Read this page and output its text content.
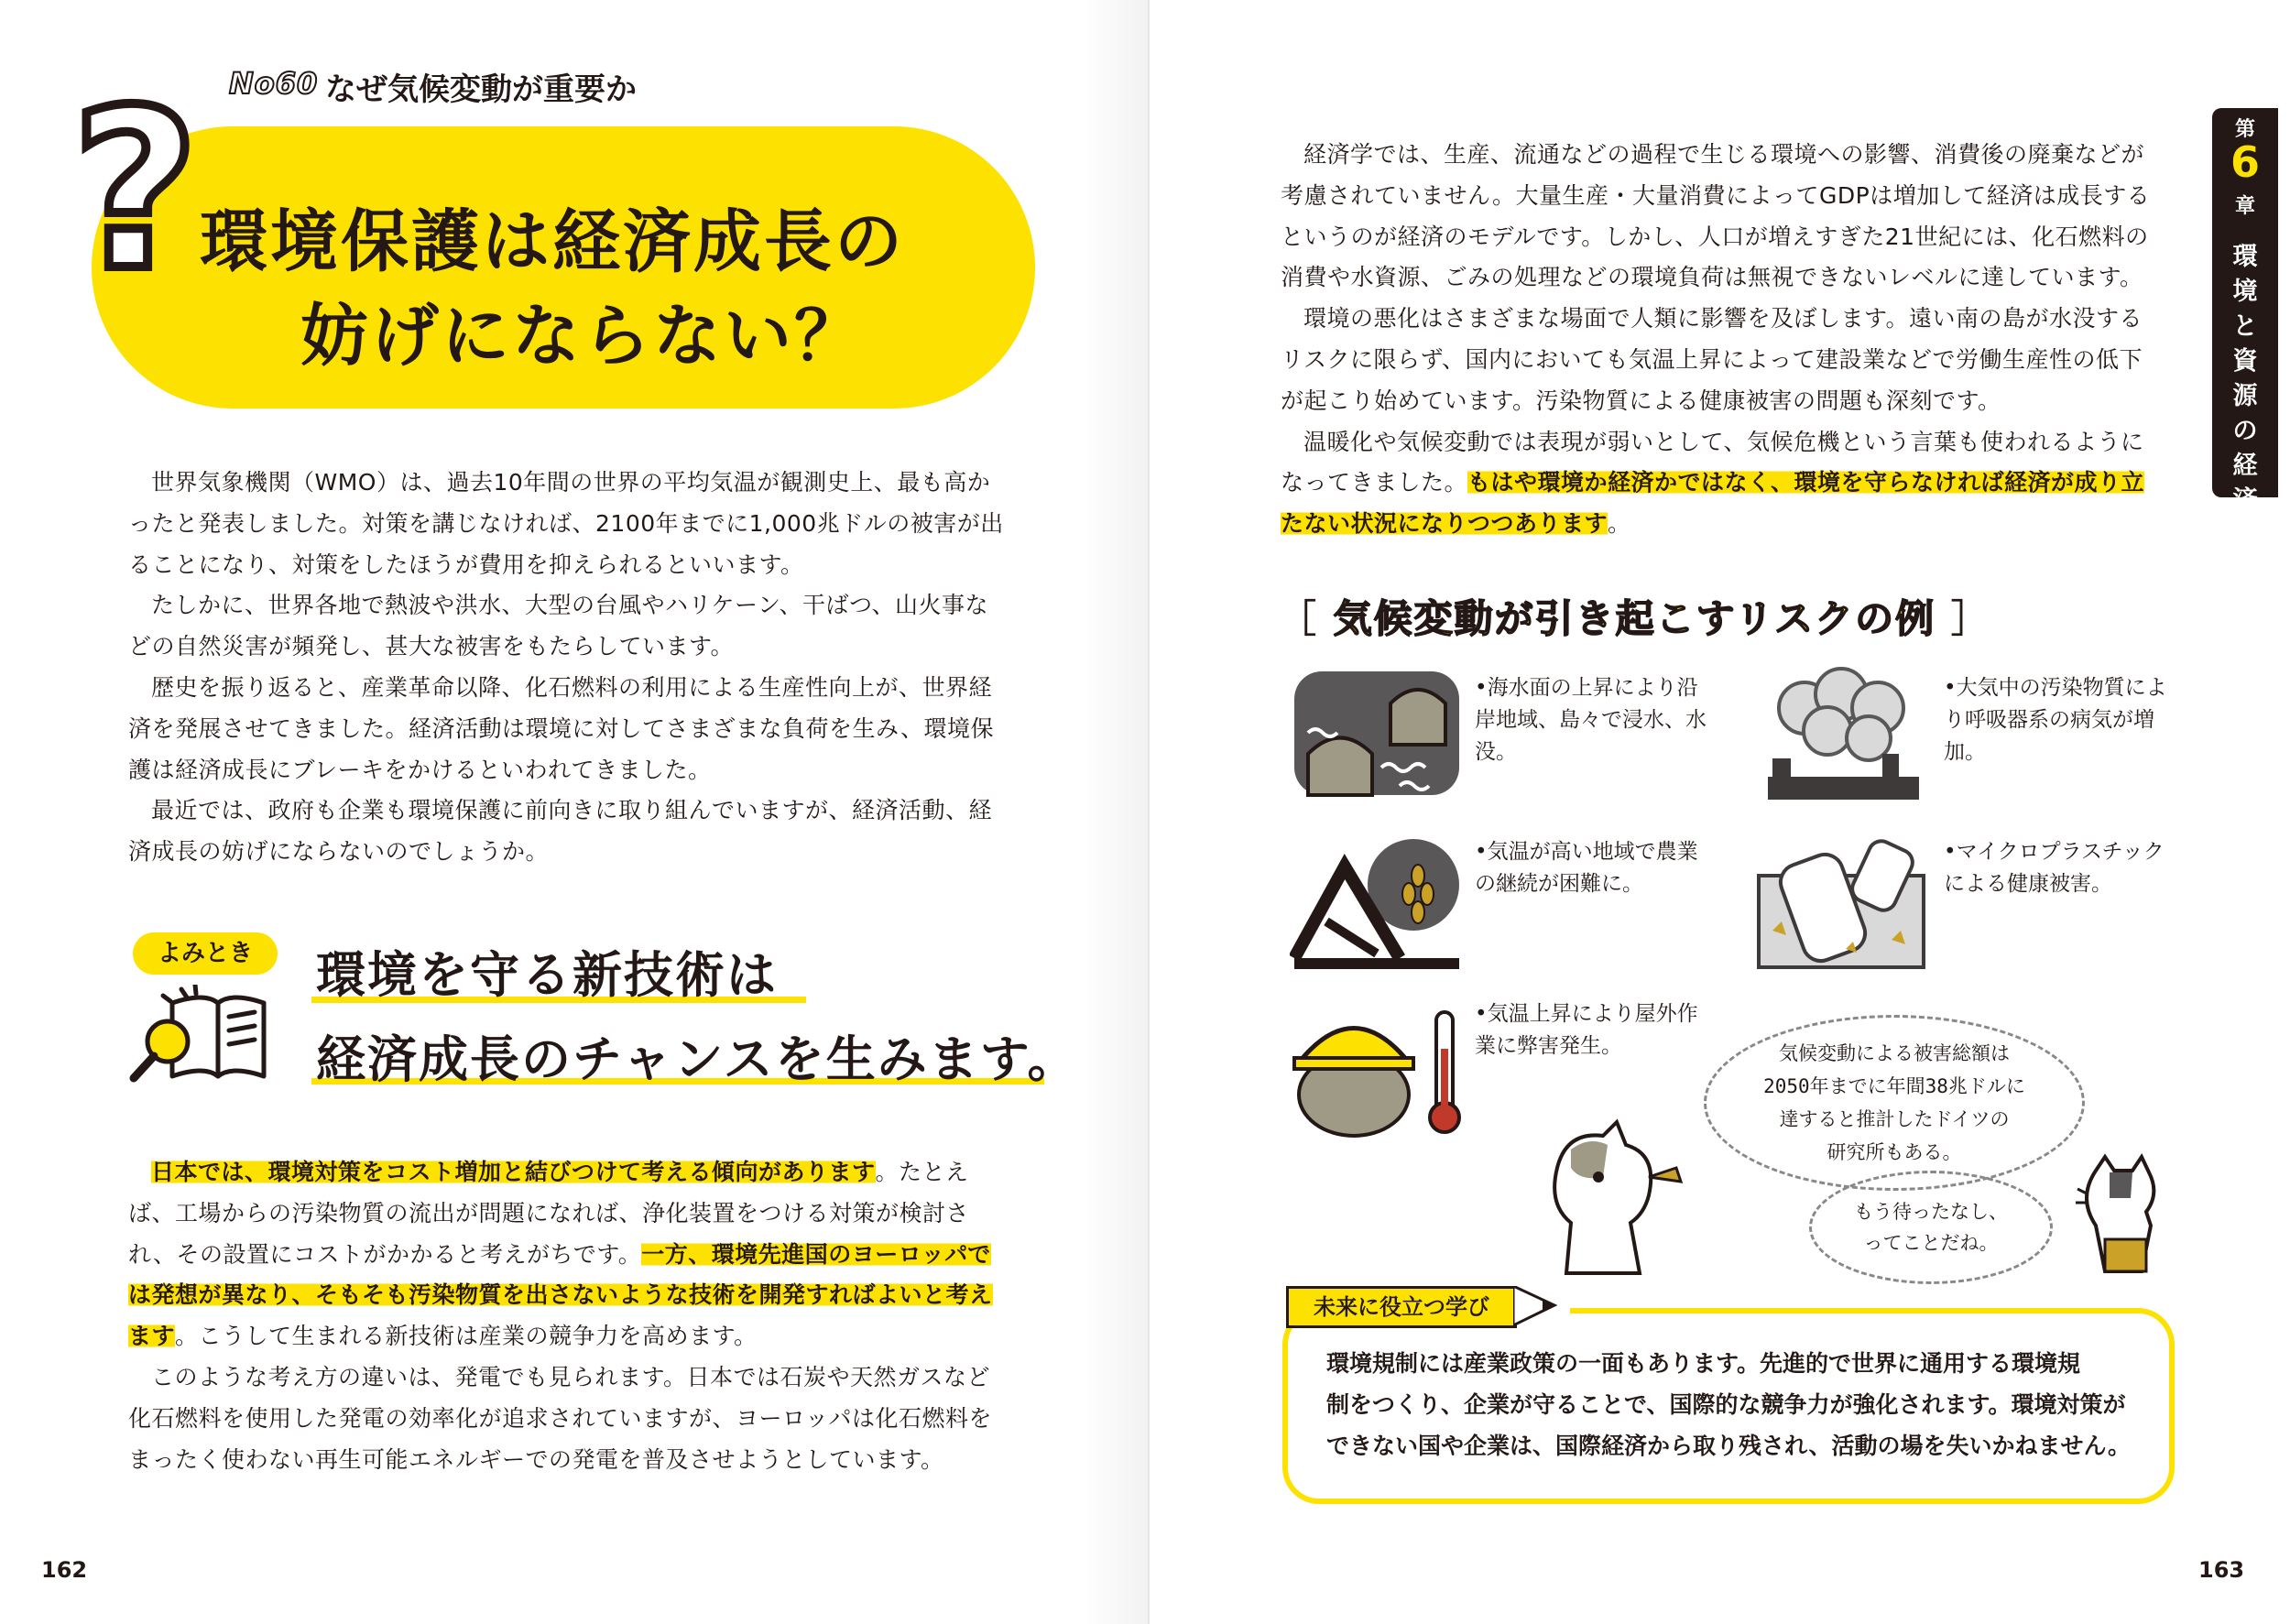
? No60 なぜ気候変動が重要か
環境保護は経済成長の
妨げにならない？

世界気象機関（WMO）は、過去10年間の世界の平均気温が観測史上、最も高かったと発表しました。対策を講じなければ、2100年までに1,000兆ドルの被害が出ることになり、対策をしたほうが費用を抑えられるといいます。

たしかに、世界各地で熱波や洪水、大型の台風やハリケーン、干ばつ、山火事などの自然災害が頻発し、甚大な被害をもたらしています。

歴史を振り返ると、産業革命以降、化石燃料の利用による生産性向上が、世界経済を発展させてきました。経済活動は環境に対してさまざまな負荷を生み、環境保護は経済成長にブレーキをかけるといわれてきました。

最近では、政府も企業も環境保護に前向きに取り組んでいますが、経済活動、経済成長の妨げにならないのでしょうか。

よみとき	環境を守る新技術は
経済成長のチャンスを生みます。

日本では、環境対策をコスト増加と結びつけて考える傾向があります。たとえば、工場からの汚染物質の流出が問題になれば、浄化装置をつける対策が検討され、その設置にコストがかかると考えがちです。一方、環境先進国のヨーロッパでは発想が異なり、そもそも汚染物質を出さないような技術を開発すればよいと考えます。こうして生まれる新技術は産業の競争力を高めます。

このような考え方の違いは、発電でも見られます。日本では石炭や天然ガスなど化石燃料を使用した発電の効率化が追求されていますが、ヨーロッパは化石燃料をまったく使わない再生可能エネルギーでの発電を普及させようとしています。

162

経済学では、生産、流通などの過程で生じる環境への影響、消費後の廃棄などが考慮されていません。大量生産・大量消費によってGDPは増加して経済は成長するというのが経済のモデルです。しかし、人口が増えすぎた21世紀には、化石燃料の消費や水資源、ごみの処理などの環境負荷は無視できないレベルに達しています。

環境の悪化はさまざまな場面で人類に影響を及ぼします。遠い南の島が水没するリスクに限らず、国内においても気温上昇によって建設業などで労働生産性の低下が起こり始めています。汚染物質による健康被害の問題も深刻です。

温暖化や気候変動では表現が弱いとして、気候危機という言葉も使われるようになってきました。もはや環境か経済かではなく、環境を守らなければ経済が成り立たない状況になりつつあります。

第
6
章
環
境
と
資
源
の
経
済
学
［ 気候変動が引き起こすリスクの例 ］

•海水面の上昇により沿岸地域、島々で浸水、水没。

•大気中の汚染物質により呼吸器系の病気が増加。

•気温が高い地域で農業の継続が困難に。

•マイクロプラスチックによる健康被害。

•気温上昇により屋外作業に弊害発生。	気候変動による被害総額は
2050年までに年間38兆ドルに
達すると推計したドイツの
研究所もある。
もう待ったなし、
ってことだね。
未来に役立つ学び

環境規制には産業政策の一面もあります。先進的で世界に通用する環境規

制をつくり、企業が守ることで、国際的な競争力が強化されます。環境対策が

できない国や企業は、国際経済から取り残され、活動の場を失いかねません。

163
